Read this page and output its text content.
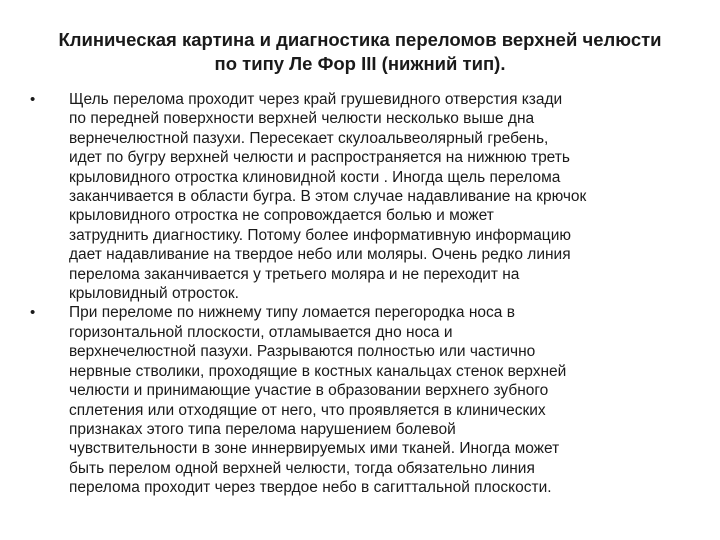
Клиническая картина и диагностика переломов верхней челюсти
по типу Ле Фор III (нижний тип).
•	Щель перелома проходит через край грушевидного отверстия кзади
по передней поверхности верхней челюсти несколько выше дна
вернечелюстной пазухи. Пересекает скулоальвеолярный гребень,
идет по бугру верхней челюсти и распространяется на нижнюю треть
крыловидного отростка клиновидной кости . Иногда щель перелома
заканчивается в области бугра. В этом случае надавливание на крючок
крыловидного отростка не сопровождается болью и может
затруднить диагностику. Потому более информативную информацию
дает надавливание на твердое небо или моляры. Очень редко линия
перелома заканчивается у третьего моляра и не переходит на
крыловидный отросток.
•	При переломе по нижнему типу ломается перегородка носа в
горизонтальной плоскости, отламывается дно носа и
верхнечелюстной пазухи. Разрываются полностью или частично
нервные стволики, проходящие в костных канальцах стенок верхней
челюсти и принимающие участие в образовании верхнего зубного
сплетения или отходящие от него, что проявляется в клинических
признаках этого типа перелома нарушением болевой
чувствительности в зоне иннервируемых ими тканей. Иногда может
быть перелом одной верхней челюсти, тогда обязательно линия
перелома проходит через твердое небо в сагиттальной плоскости.
